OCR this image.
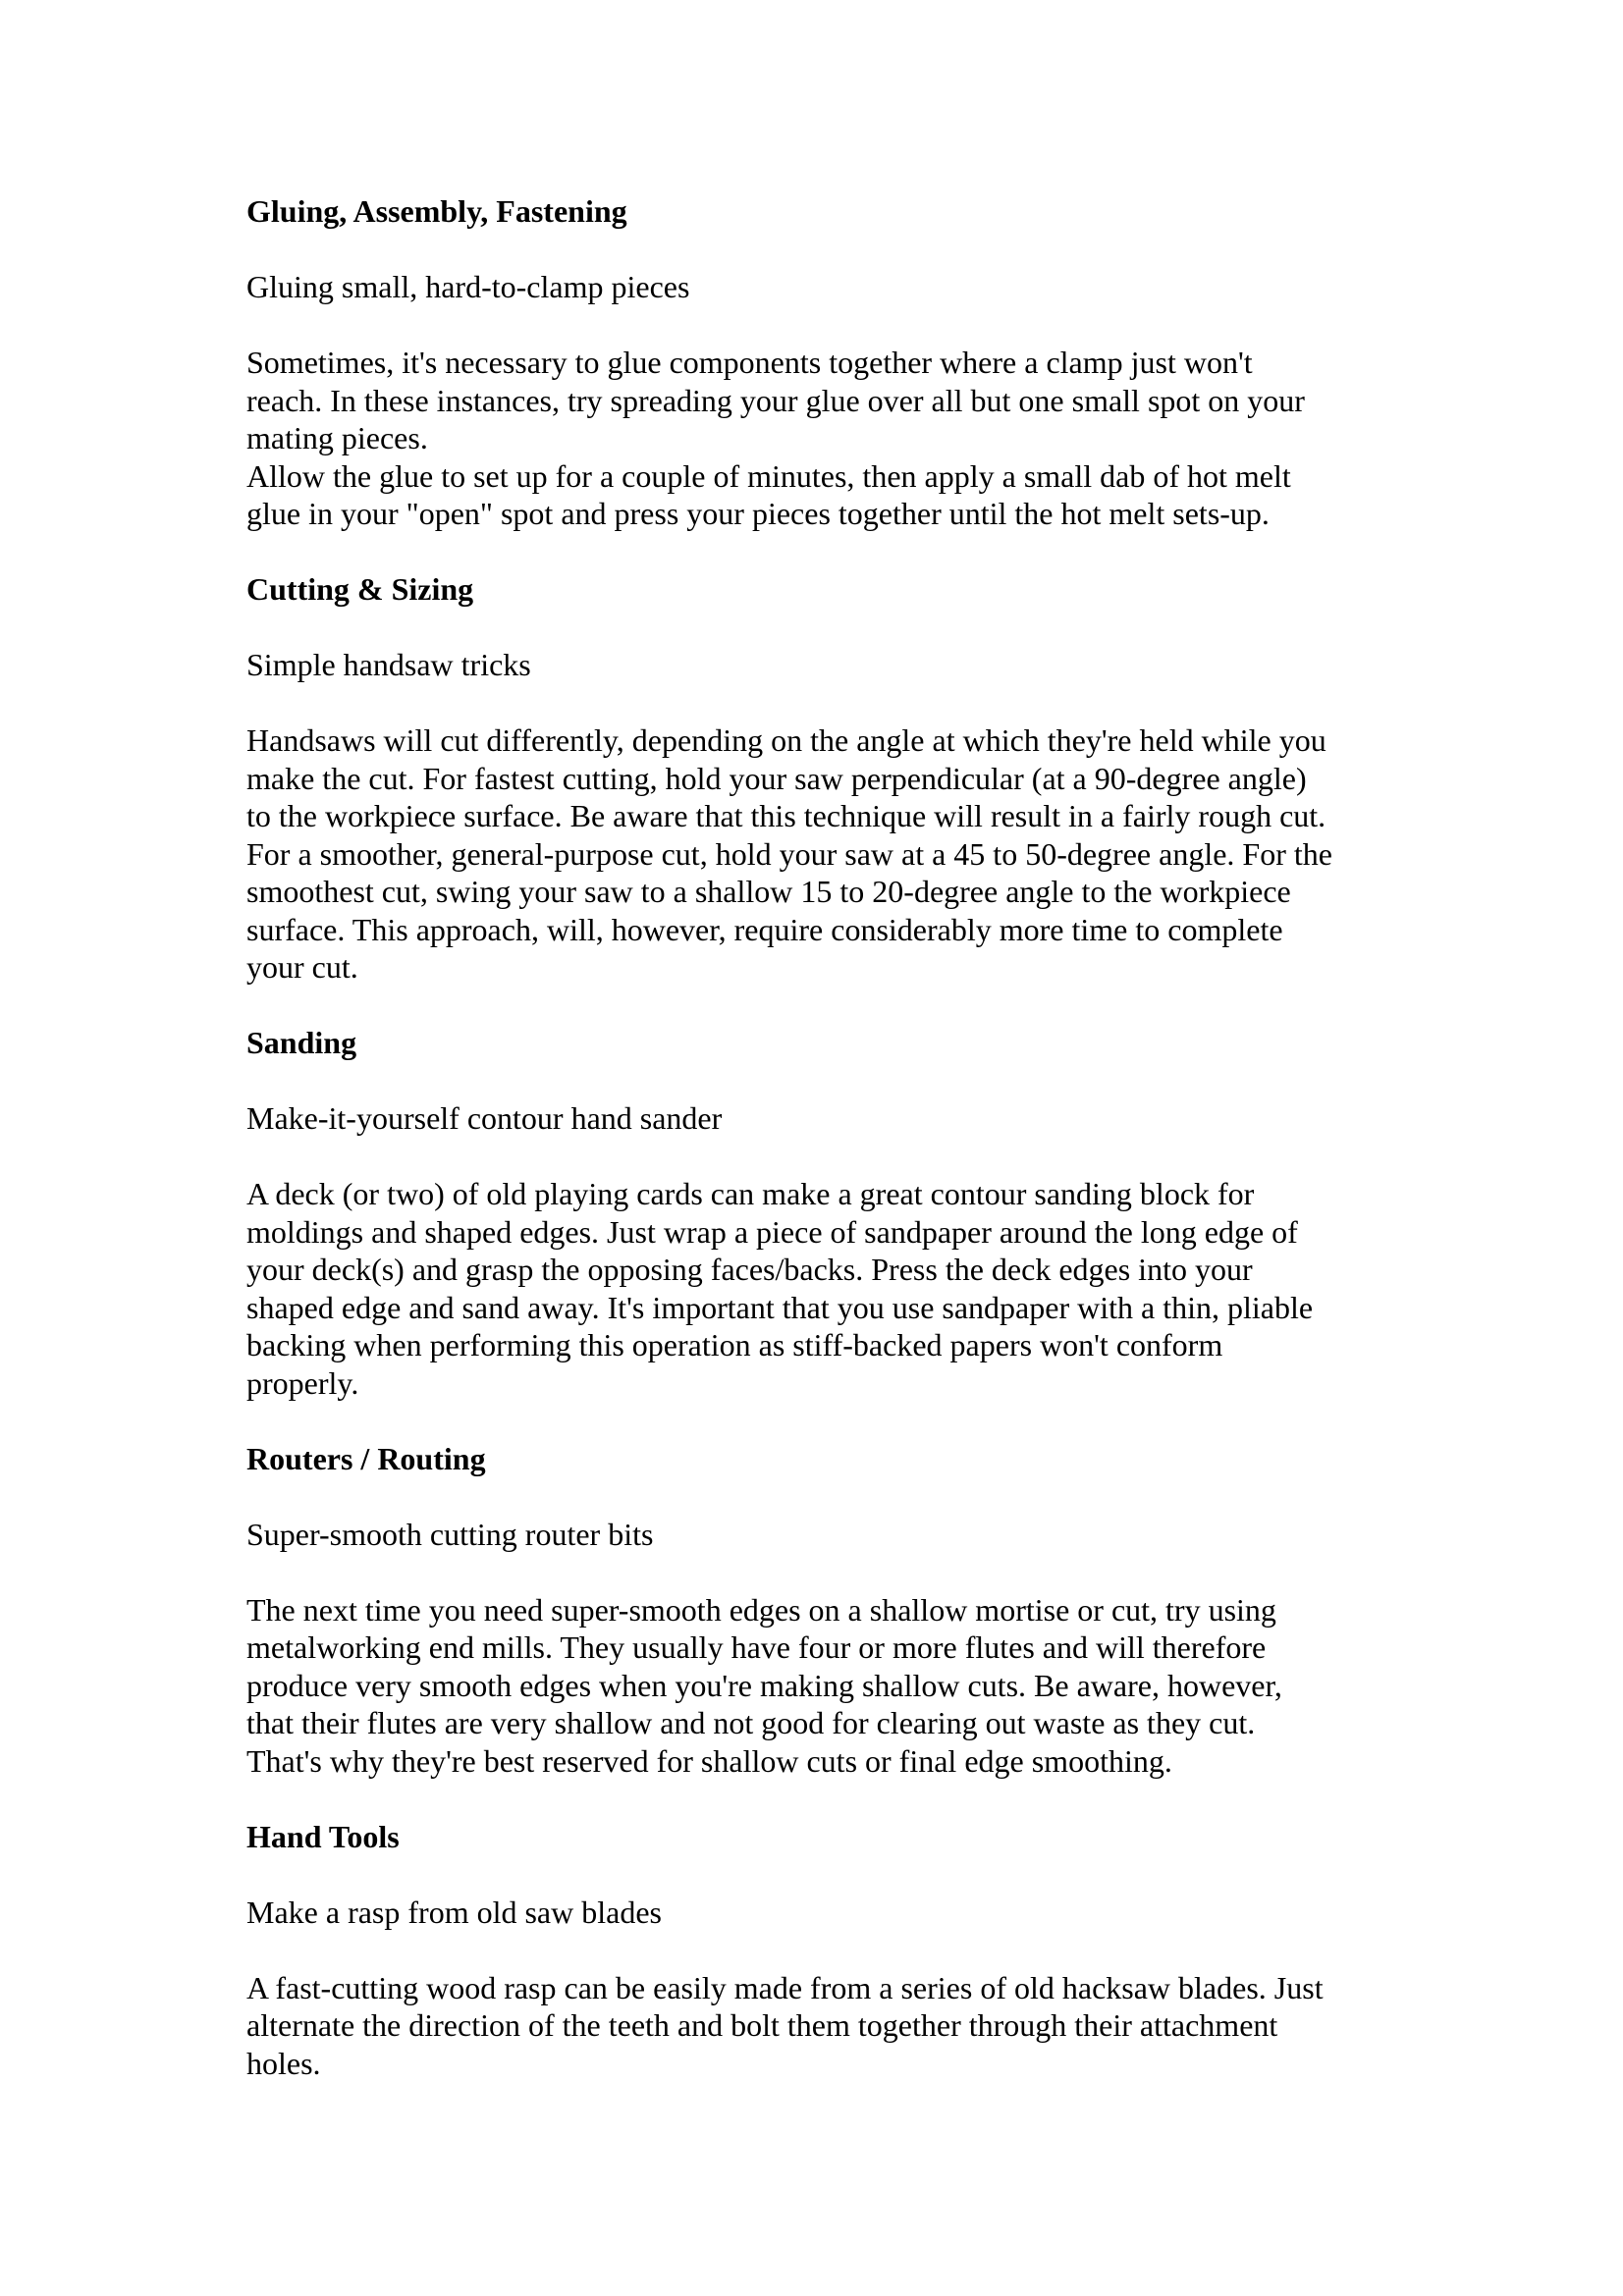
Gluing, Assembly, Fastening
Gluing small, hard-to-clamp pieces

Sometimes, it's necessary to glue components together where a clamp just won't
reach. In these instances, try spreading your glue over all but one small spot on your
mating pieces.

Allow the glue to set up for a couple of minutes, then apply a small dab of hot melt
glue in your "open" spot and press your pieces together until the hot melt sets-up.

Cutting & Sizing
Simple handsaw tricks

Handsaws will cut differently, depending on the angle at which they're held while you
make the cut. For fastest cutting, hold your saw perpendicular (at a 90-degree angle)
to the workpiece surface. Be aware that this technique will result in a fairly rough cut.
For a smoother, general-purpose cut, hold your saw at a 45 to 50-degree angle. For the
smoothest cut, swing your saw to a shallow 15 to 20-degree angle to the workpiece
surface. This approach, will, however, require considerably more time to complete
your cut.

Sanding
Make-it-yourself contour hand sander

A deck (or two) of old playing cards can make a great contour sanding block for
moldings and shaped edges. Just wrap a piece of sandpaper around the long edge of
your deck(s) and grasp the opposing faces/backs. Press the deck edges into your
shaped edge and sand away. It's important that you use sandpaper with a thin, pliable
backing when performing this operation as stiff-backed papers won't conform
properly.

Routers / Routing
Super-smooth cutting router bits

The next time you need super-smooth edges on a shallow mortise or cut, try using
metalworking end mills. They usually have four or more flutes and will therefore
produce very smooth edges when you're making shallow cuts. Be aware, however,
that their flutes are very shallow and not good for clearing out waste as they cut.
That's why they're best reserved for shallow cuts or final edge smoothing.

Hand Tools
Make a rasp from old saw blades

A fast-cutting wood rasp can be easily made from a series of old hacksaw blades. Just
alternate the direction of the teeth and bolt them together through their attachment
holes.
